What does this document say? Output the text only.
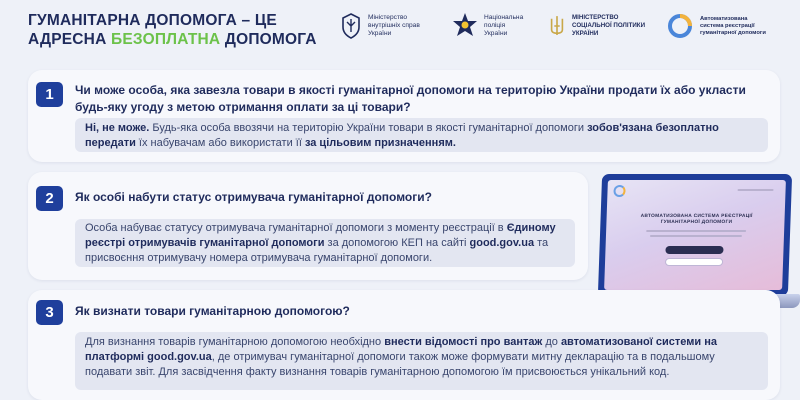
ГУМАНІТАРНА ДОПОМОГА – ЦЕ
АДРЕСНА БЕЗОПЛАТНА ДОПОМОГА
Міністерство
внутрішніх справ
України
Національна
поліція
України
МІНІСТЕРСТВО
СОЦІАЛЬНОЇ ПОЛІТИКИ
УКРАЇНИ
Автоматизована
система реєстрації
гуманітарної допомоги
1	Чи може особа, яка завезла товари в якості гуманітарної допомоги на територію України продати їх або укласти будь-яку угоду з метою отримання оплати за ці товари?
Ні, не може. Будь-яка особа ввозячи на територію України товари в якості гуманітарної допомоги зобов'язана безоплатно передати їх набувачам або використати її за цільовим призначенням.
2	Як особі набути статус отримувача гуманітарної допомоги?
Особа набуває статусу отримувача гуманітарної допомоги з моменту реєстрації в Єдиному реєстрі отримувачів гуманітарної допомоги за допомогою КЕП на сайті good.gov.ua та присвоєння отримувачу номера отримувача гуманітарної допомоги.
АВТОМАТИЗОВАНА СИСТЕМА РЕЄСТРАЦІЇ ГУМАНІТАРНОЇ ДОПОМОГИ
3	Як визнати товари гуманітарною допомогою?
Для визнання товарів гуманітарною допомогою необхідно внести відомості про вантаж до автоматизованої системи на платформі good.gov.ua, де отримувач гуманітарної допомоги також може формувати митну декларацію та в подальшому подавати звіт. Для засвідчення факту визнання товарів гуманітарною допомогою їм присвоюється унікальний код.
